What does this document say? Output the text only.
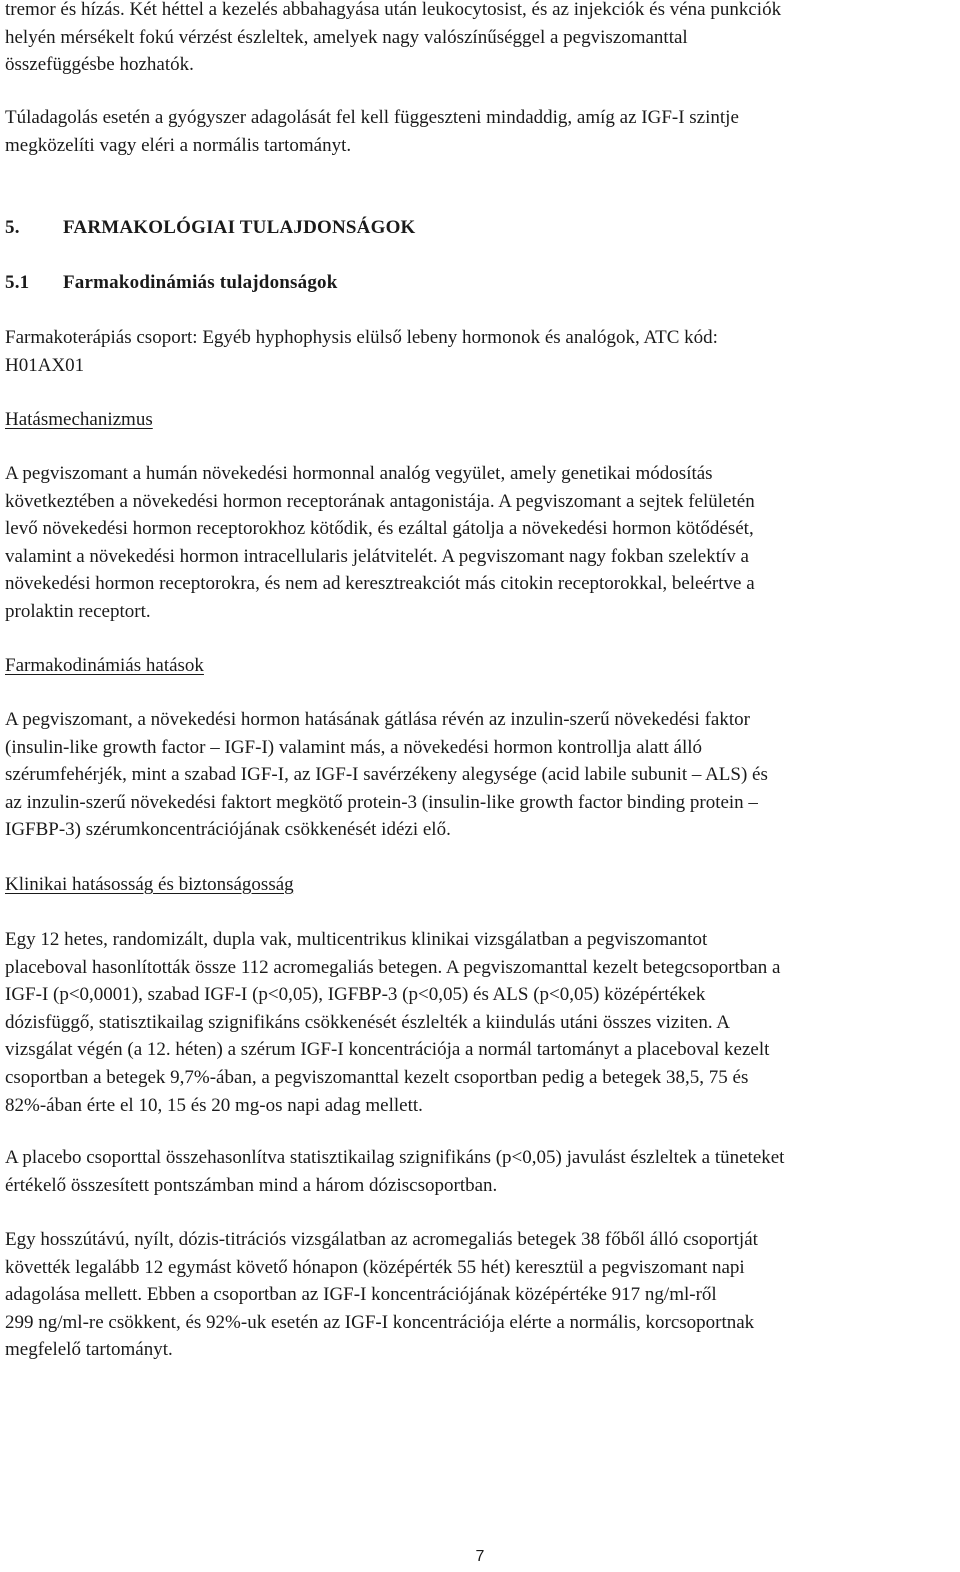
tremor és hízás. Két héttel a kezelés abbahagyása után leukocytosist, és az injekciók és véna punkciók
helyén mérsékelt fokú vérzést észleltek, amelyek nagy valószínűséggel a pegviszomanttal
összefüggésbe hozhatók.
Túladagolás esetén a gyógyszer adagolását fel kell függeszteni mindaddig, amíg az IGF-I szintje
megközelíti vagy eléri a normális tartományt.
5. FARMAKOLÓGIAI TULAJDONSÁGOK
5.1 Farmakodinámiás tulajdonságok
Farmakoterápiás csoport: Egyéb hyphophysis elülső lebeny hormonok és analógok, ATC kód:
H01AX01
Hatásmechanizmus
A pegviszomant a humán növekedési hormonnal analóg vegyület, amely genetikai módosítás
következtében a növekedési hormon receptorának antagonistája. A pegviszomant a sejtek felületén
levő növekedési hormon receptorokhoz kötődik, és ezáltal gátolja a növekedési hormon kötődését,
valamint a növekedési hormon intracellularis jelátvitelét. A pegviszomant nagy fokban szelektív a
növekedési hormon receptorokra, és nem ad keresztreakciót más citokin receptorokkal, beleértve a
prolaktin receptort.
Farmakodinámiás hatások
A pegviszomant, a növekedési hormon hatásának gátlása révén az inzulin-szerű növekedési faktor
(insulin-like growth factor – IGF-I) valamint más, a növekedési hormon kontrollja alatt álló
szérumfehérjék, mint a szabad IGF-I, az IGF-I savérzékeny alegysége (acid labile subunit – ALS) és
az inzulin-szerű növekedési faktort megkötő protein-3 (insulin-like growth factor binding protein –
IGFBP-3) szérumkoncentrációjának csökkenését idézi elő.
Klinikai hatásosság és biztonságosság
Egy 12 hetes, randomizált, dupla vak, multicentrikus klinikai vizsgálatban a pegviszomantot
placeboval hasonlították össze 112 acromegaliás betegen. A pegviszomanttal kezelt betegcsoportban a
IGF-I (p<0,0001), szabad IGF-I (p<0,05), IGFBP-3 (p<0,05) és ALS (p<0,05) középértékek
dózisfüggő, statisztikailag szignifikáns csökkenését észlelték a kiindulás utáni összes viziten. A
vizsgálat végén (a 12. héten) a szérum IGF-I koncentrációja a normál tartományt a placeboval kezelt
csoportban a betegek 9,7%-ában, a pegviszomanttal kezelt csoportban pedig a betegek 38,5, 75 és
82%-ában érte el 10, 15 és 20 mg-os napi adag mellett.
A placebo csoporttal összehasonlítva statisztikailag szignifikáns (p<0,05) javulást észleltek a tüneteket
értékelő összesített pontszámban mind a három dóziscsoportban.
Egy hosszútávú, nyílt, dózis-titrációs vizsgálatban az acromegaliás betegek 38 főből álló csoportját
követték legalább 12 egymást követő hónapon (középérték 55 hét) keresztül a pegviszomant napi
adagolása mellett. Ebben a csoportban az IGF-I koncentrációjának középértéke 917 ng/ml-ről
299 ng/ml-re csökkent, és 92%-uk esetén az IGF-I koncentrációja elérte a normális, korcsoportnak
megfelelő tartományt.
7
